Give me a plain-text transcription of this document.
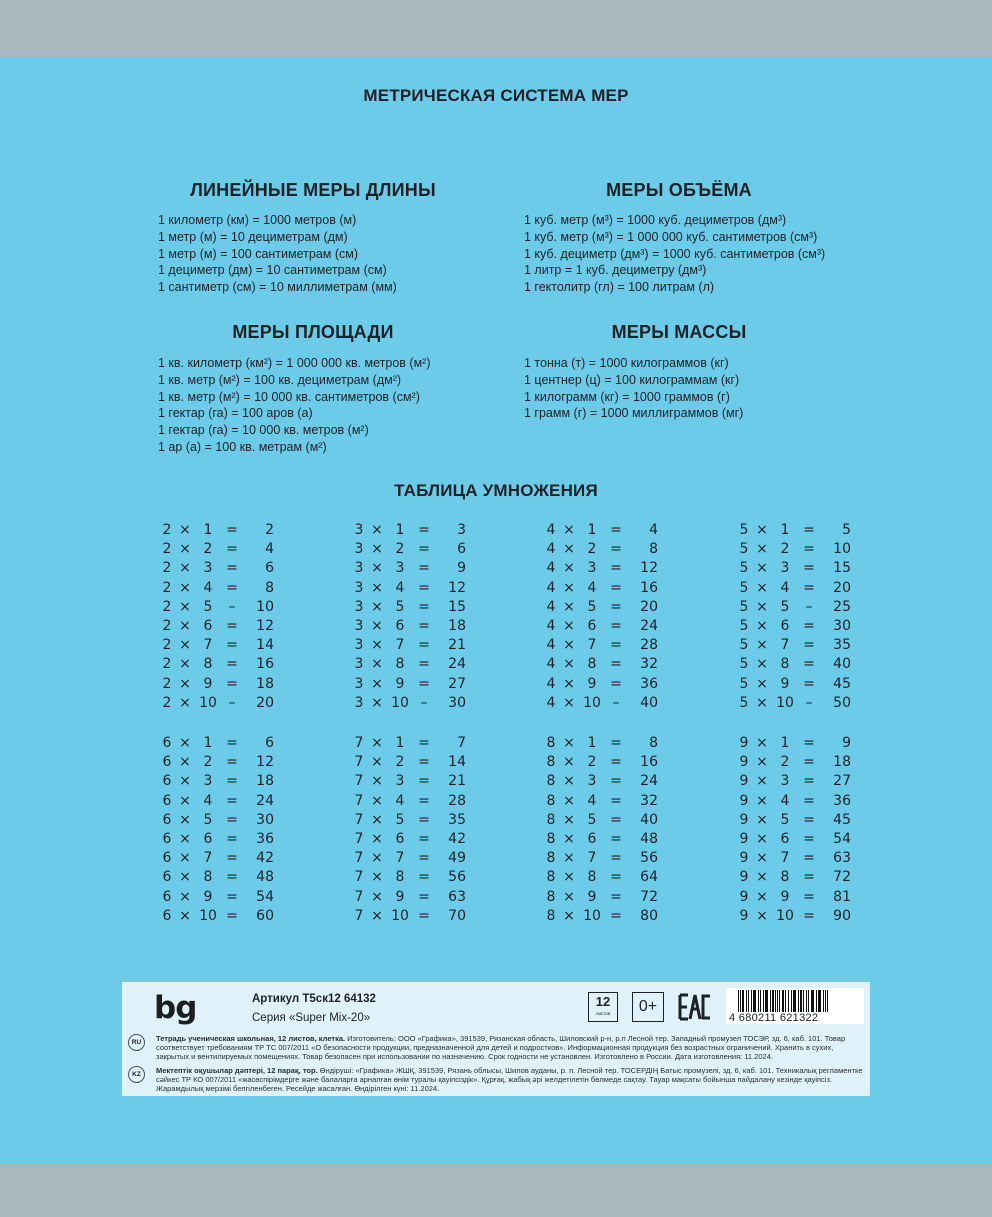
МЕТРИЧЕСКАЯ СИСТЕМА МЕР
ЛИНЕЙНЫЕ МЕРЫ ДЛИНЫ
1 километр (км) = 1000 метров (м)
1 метр (м) = 10 дециметрам (дм)
1 метр (м) = 100 сантиметрам (см)
1 дециметр (дм) = 10 сантиметрам (см)
1 сантиметр (см) = 10 миллиметрам (мм)
МЕРЫ ОБЪЁМА
1 куб. метр (м³) = 1000 куб. дециметров (дм³)
1 куб. метр (м³) = 1 000 000 куб. сантиметров (см³)
1 куб. дециметр (дм³) = 1000 куб. сантиметров (см³)
1 литр = 1 куб. дециметру (дм³)
1 гектолитр (гл) = 100 литрам (л)
МЕРЫ ПЛОЩАДИ
1 кв. километр (км²) = 1 000 000 кв. метров (м²)
1 кв. метр (м²) = 100 кв. дециметрам (дм²)
1 кв. метр (м²) = 10 000 кв. сантиметров (см²)
1 гектар (га) = 100 аров (а)
1 гектар (га) = 10 000 кв. метров (м²)
1 ар (а) = 100 кв. метрам (м²)
МЕРЫ МАССЫ
1 тонна (т) = 1000 килограммов (кг)
1 центнер (ц) = 100 килограммам (кг)
1 килограмм (кг) = 1000 граммов (г)
1 грамм (г) = 1000 миллиграммов (мг)
ТАБЛИЦА УМНОЖЕНИЯ
2 × 1 =	2
2 × 2 =	4
2 × 3 =	6
2 × 4 =	8
2 × 5	–	10
2 × 6 =	12
2 × 7 =	14
2 × 8 =	16
2 × 9 =	18
2 × 10 –	20
3 × 1 =	3
3 × 2 =	6
3 × 3 =	9
3 × 4 =	12
3 × 5 =	15
3 × 6 =	18
3 × 7 =	21
3 × 8 =	24
3 × 9 =	27
3 × 10 –	30
4 × 1 =	4
4 × 2 =	8
4 × 3 =	12
4 × 4 =	16
4 × 5 =	20
4 × 6 =	24
4 × 7 =	28
4 × 8 =	32
4 × 9 =	36
4 × 10 –	40
5 × 1 =	5
5 × 2 =	10
5 × 3 =	15
5 × 4 =	20
5 × 5	–	25
5 × 6 =	30
5 × 7 =	35
5 × 8 =	40
5 × 9 =	45
5 × 10 –	50
6 × 1 =	6
6 × 2 =	12
6 × 3 =	18
6 × 4 =	24
6 × 5 =	30
6 × 6 =	36
6 × 7 =	42
6 × 8 =	48
6 × 9 =	54
6 × 10 =	60
7 × 1 =	7
7 × 2 =	14
7 × 3 =	21
7 × 4 =	28
7 × 5 =	35
7 × 6 =	42
7 × 7 =	49
7 × 8 =	56
7 × 9 =	63
7 × 10 =	70
8 × 1 =	8
8 × 2 =	16
8 × 3 =	24
8 × 4 =	32
8 × 5 =	40
8 × 6 =	48
8 × 7 =	56
8 × 8 =	64
8 × 9 =	72
8 × 10 =	80
9 × 1 =	9
9 × 2 =	18
9 × 3 =	27
9 × 4 =	36
9 × 5 =	45
9 × 6 =	54
9 × 7 =	63
9 × 8 =	72
9 × 9 =	81
9 × 10 =	90
bg	Артикул Т5ск12 64132
Серия «Super Mix-20»
12
листов	0+
4 680211 621322
RU	Тетрадь ученическая школьная, 12 листов, клетка. Изготовитель: ООО «Графика», 391539, Рязанская область, Шиловский р-н, р.п Лесной тер. Западный промузел ТОСЭР, зд. 6, каб. 101. Товар соответствует требованиям ТР ТС 007/2011 «О безопасности продукции, предназначенной для детей и подростков». Информационная продукция без возрастных ограничений. Хранить в сухих, закрытых и вентилируемых помещениях. Товар безопасен при использовании по назначению. Срок годности не установлен. Изготовлено в России. Дата изготовления: 11.2024.
KZ	Мектептік оқушылар дәптері, 12 парақ, тор. Өндіруші: «Графика» ЖШҚ, 391539, Рязань облысы, Шилов ауданы, р. п. Лесной тер. ТОСЕРДІҢ Батыс промузелі, зд. 6, каб. 101. Техникалық регламентке сәйкес ТР КО 007/2011 «жасөспірімдерге және балаларға арналған өнім туралы қауіпсіздік». Құрғақ, жабық әрі желдетілетін бөлмеде сақтау. Тауар мақсаты бойынша пайдалану кезінде қауіпсіз. Жарамдылық мерзімі белгіленбеген. Ресейде жасалған. Өндірілген күні: 11.2024.
